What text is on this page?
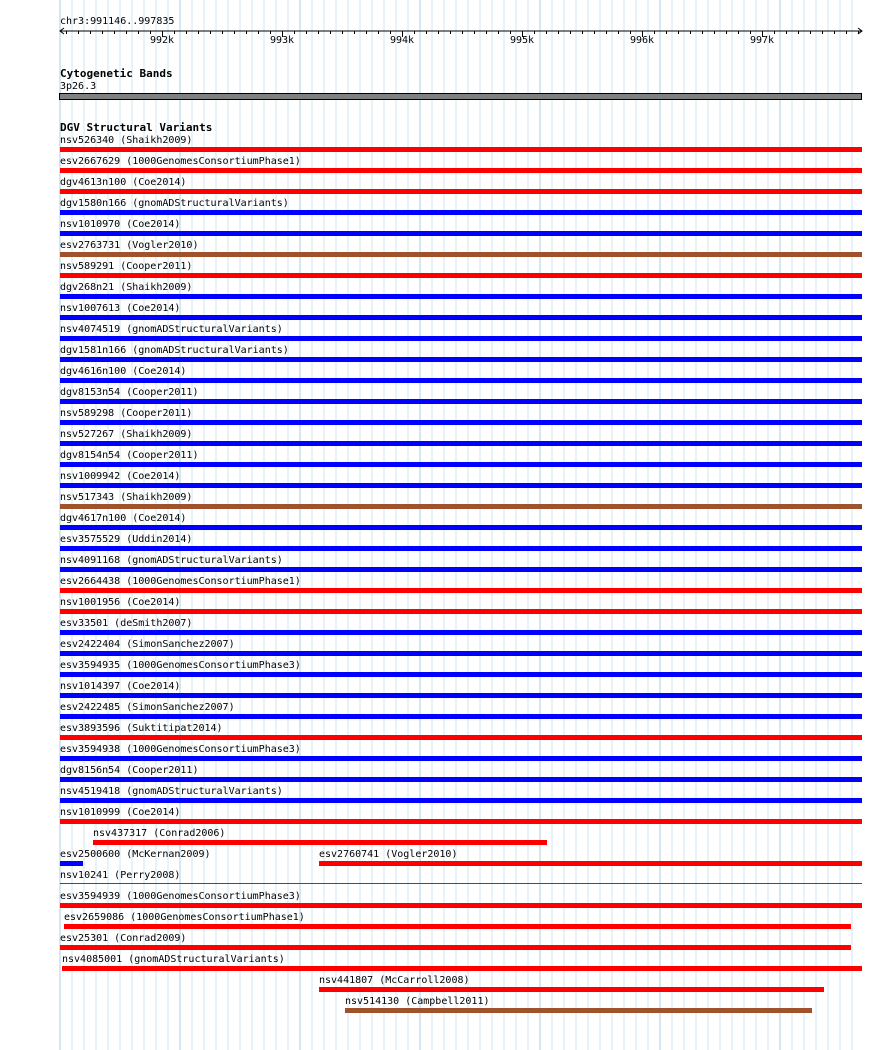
chr3:991146..997835
992k	993k	994k	995k	996k	997k
Cytogenetic Bands
3p26.3
DGV Structural Variants
nsv526340 (Shaikh2009)
esv2667629 (1000GenomesConsortiumPhase1)
dgv4613n100 (Coe2014)
dgv1580n166 (gnomADStructuralVariants)
nsv1010970 (Coe2014)
esv2763731 (Vogler2010)
nsv589291 (Cooper2011)
dgv268n21 (Shaikh2009)
nsv1007613 (Coe2014)
nsv4074519 (gnomADStructuralVariants)
dgv1581n166 (gnomADStructuralVariants)
dgv4616n100 (Coe2014)
dgv8153n54 (Cooper2011)
nsv589298 (Cooper2011)
nsv527267 (Shaikh2009)
dgv8154n54 (Cooper2011)
nsv1009942 (Coe2014)
nsv517343 (Shaikh2009)
dgv4617n100 (Coe2014)
esv3575529 (Uddin2014)
nsv4091168 (gnomADStructuralVariants)
esv2664438 (1000GenomesConsortiumPhase1)
nsv1001956 (Coe2014)
esv33501 (deSmith2007)
esv2422404 (SimonSanchez2007)
esv3594935 (1000GenomesConsortiumPhase3)
nsv1014397 (Coe2014)
esv2422485 (SimonSanchez2007)
esv3893596 (Suktitipat2014)
esv3594938 (1000GenomesConsortiumPhase3)
dgv8156n54 (Cooper2011)
nsv4519418 (gnomADStructuralVariants)
nsv1010999 (Coe2014)
nsv437317 (Conrad2006)
esv2500600 (McKernan2009)	esv2760741 (Vogler2010)
nsv10241 (Perry2008)
esv3594939 (1000GenomesConsortiumPhase3)
esv2659086 (1000GenomesConsortiumPhase1)
esv25301 (Conrad2009)
nsv4085001 (gnomADStructuralVariants)
nsv441807 (McCarroll2008)
nsv514130 (Campbell2011)
